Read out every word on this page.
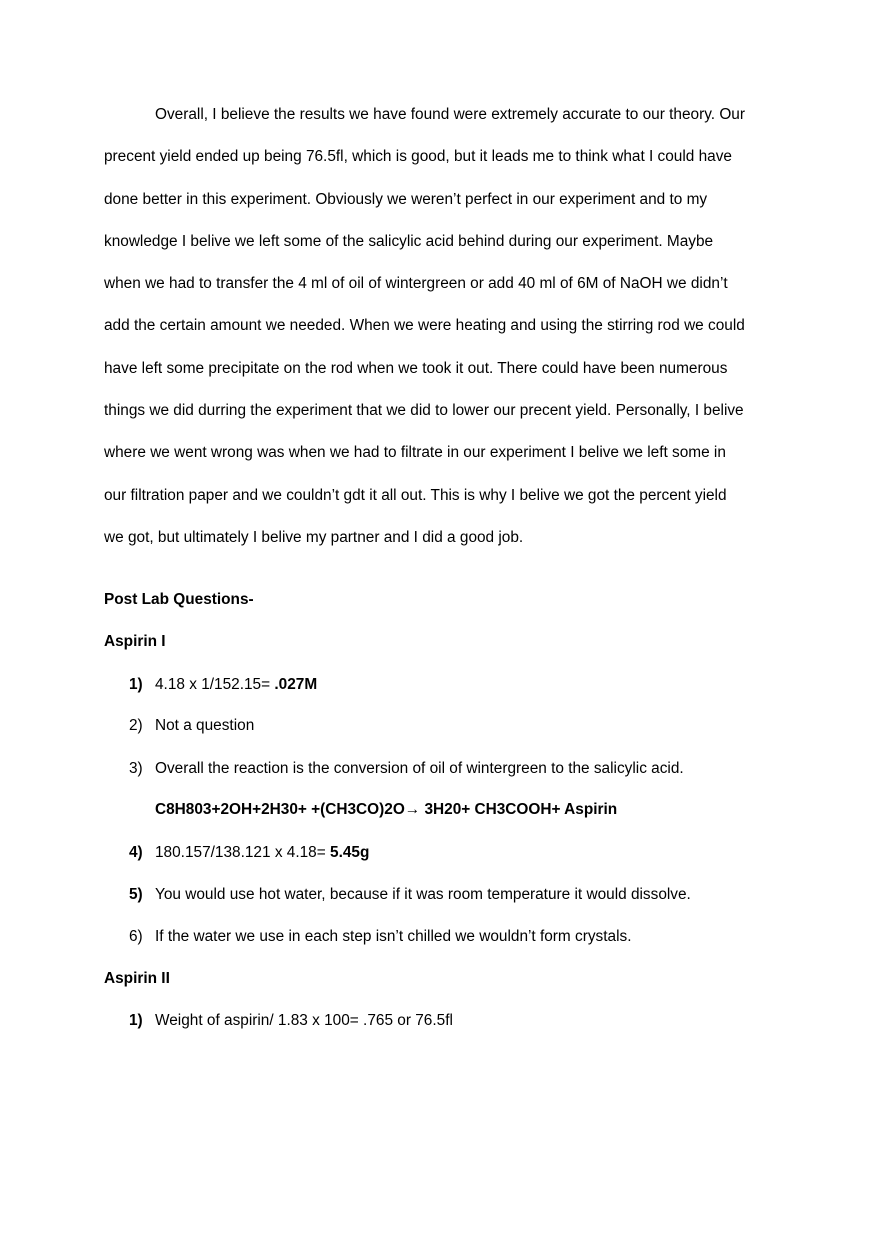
Overall, I believe the results we have found were extremely accurate to our theory. Our
precent yield ended up being 76.5fl, which is good, but it leads me to think what I could have
done better in this experiment. Obviously we weren’t perfect in our experiment and to my
knowledge I belive we left some of the salicylic acid behind during our experiment. Maybe
when we had to transfer the 4 ml of oil of wintergreen or add 40 ml of 6M of NaOH we didn’t
add the certain amount we needed. When we were heating and using the stirring rod we could
have left some precipitate on the rod when we took it out. There could have been numerous
things we did durring the experiment that we did to lower our precent yield. Personally, I belive
where we went wrong was when we had to filtrate in our experiment I belive we left some in
our filtration paper and we couldn’t gdt it all out. This is why I belive we got the percent yield
we got, but ultimately I belive my partner and I did a good job.

Post Lab Questions-
Aspirin I
1) 4.18 x 1/152.15= .027M
2) Not a question
3) Overall the reaction is the conversion of oil of wintergreen to the salicylic acid.
C8H803+2OH+2H30+ +(CH3CO)2O→ 3H20+ CH3COOH+ Aspirin
4) 180.157/138.121 x 4.18= 5.45g
5) You would use hot water, because if it was room temperature it would dissolve.
6) If the water we use in each step isn’t chilled we wouldn’t form crystals.
Aspirin II
1) Weight of aspirin/ 1.83 x 100= .765 or 76.5fl
